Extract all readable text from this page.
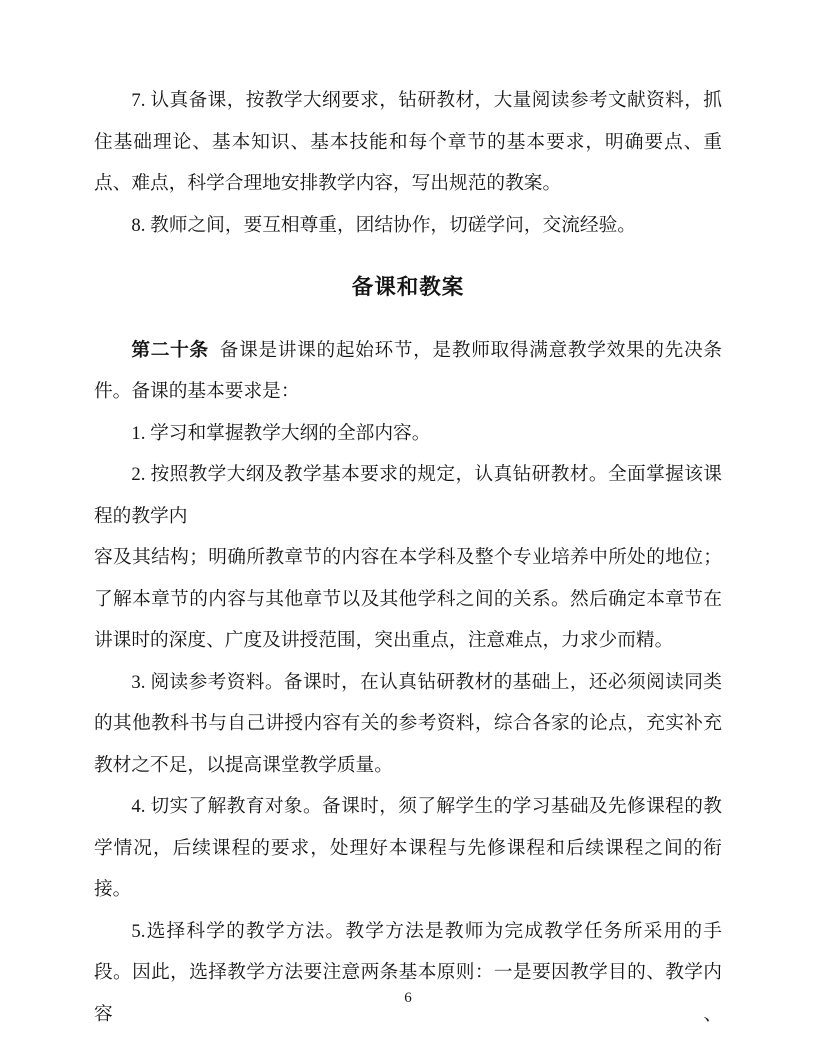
7. 认真备课，按教学大纲要求，钻研教材，大量阅读参考文献资料，抓住基础理论、基本知识、基本技能和每个章节的基本要求，明确要点、重点、难点，科学合理地安排教学内容，写出规范的教案。

8. 教师之间，要互相尊重，团结协作，切磋学问，交流经验。

备课和教案

第二十条 备课是讲课的起始环节，是教师取得满意教学效果的先决条件。备课的基本要求是：

1. 学习和掌握教学大纲的全部内容。

2. 按照教学大纲及教学基本要求的规定，认真钻研教材。全面掌握该课程的教学内

容及其结构；明确所教章节的内容在本学科及整个专业培养中所处的地位；了解本章节的内容与其他章节以及其他学科之间的关系。然后确定本章节在讲课时的深度、广度及讲授范围，突出重点，注意难点，力求少而精。

3. 阅读参考资料。备课时，在认真钻研教材的基础上，还必须阅读同类的其他教科书与自己讲授内容有关的参考资料，综合各家的论点，充实补充教材之不足，以提高课堂教学质量。

4. 切实了解教育对象。备课时，须了解学生的学习基础及先修课程的教学情况，后续课程的要求，处理好本课程与先修课程和后续课程之间的衔接。

5.选择科学的教学方法。教学方法是教师为完成教学任务所采用的手段。因此，选择教学方法要注意两条基本原则：一是要因教学目的、教学内容、

6
